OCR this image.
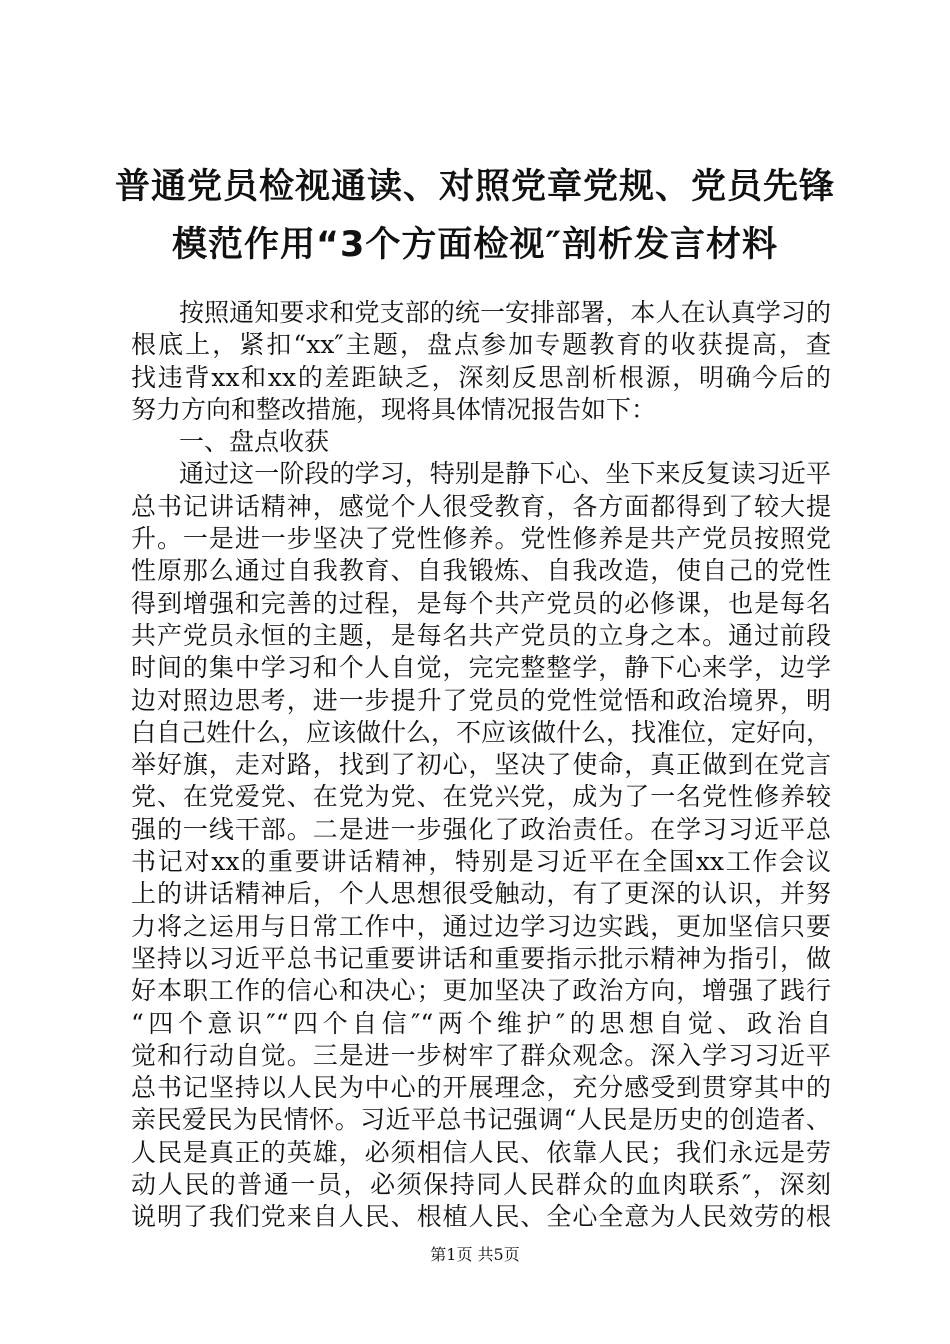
普通党员检视通读、对照党章党规、党员先锋
模范作用“3个方面检视″剖析发言材料
按照通知要求和党支部的统一安排部署，本人在认真学习的
根底上，紧扣“xx″主题，盘点参加专题教育的收获提高，查
找违背xx和xx的差距缺乏，深刻反思剖析根源，明确今后的
努力方向和整改措施，现将具体情况报告如下：
一、盘点收获
通过这一阶段的学习，特别是静下心、坐下来反复读习近平
总书记讲话精神，感觉个人很受教育，各方面都得到了较大提
升。一是进一步坚决了党性修养。党性修养是共产党员按照党
性原那么通过自我教育、自我锻炼、自我改造，使自己的党性
得到增强和完善的过程，是每个共产党员的必修课，也是每名
共产党员永恒的主题，是每名共产党员的立身之本。通过前段
时间的集中学习和个人自觉，完完整整学，静下心来学，边学
边对照边思考，进一步提升了党员的党性觉悟和政治境界，明
白自己姓什么，应该做什么，不应该做什么，找准位，定好向，
举好旗，走对路，找到了初心，坚决了使命，真正做到在党言
党、在党爱党、在党为党、在党兴党，成为了一名党性修养较
强的一线干部。二是进一步强化了政治责任。在学习习近平总
书记对xx的重要讲话精神，特别是习近平在全国xx工作会议
上的讲话精神后，个人思想很受触动，有了更深的认识，并努
力将之运用与日常工作中，通过边学习边实践，更加坚信只要
坚持以习近平总书记重要讲话和重要指示批示精神为指引，做
好本职工作的信心和决心；更加坚决了政治方向，增强了践行
“四个意识″“四个自信″“两个维护″的思想自觉、政治自
觉和行动自觉。三是进一步树牢了群众观念。深入学习习近平
总书记坚持以人民为中心的开展理念，充分感受到贯穿其中的
亲民爱民为民情怀。习近平总书记强调“人民是历史的创造者、
人民是真正的英雄，必须相信人民、依靠人民；我们永远是劳
动人民的普通一员，必须保持同人民群众的血肉联系″，深刻
说明了我们党来自人民、根植人民、全心全意为人民效劳的根
第1页 共5页
